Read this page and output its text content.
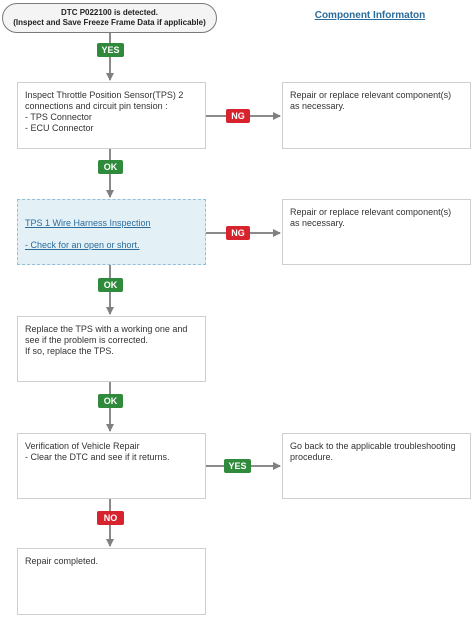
DTC P022100 is detected.
(Inspect and Save Freeze Frame Data if applicable)
Component Informaton
YES
NG
OK
NG
OK
OK
YES
NO
Inspect Throttle Position Sensor(TPS) 2 connections and circuit pin tension :
- TPS Connector
- ECU Connector

TPS 1 Wire Harness Inspection

- Check for an open or short.

Replace the TPS with a working one and see if the problem is corrected.
If so, replace the TPS.
Verification of Vehicle Repair
- Clear the DTC and see if it returns.
Repair completed.
Repair or replace relevant component(s) as necessary.
Repair or replace relevant component(s) as necessary.
Go back to the applicable troubleshooting procedure.
